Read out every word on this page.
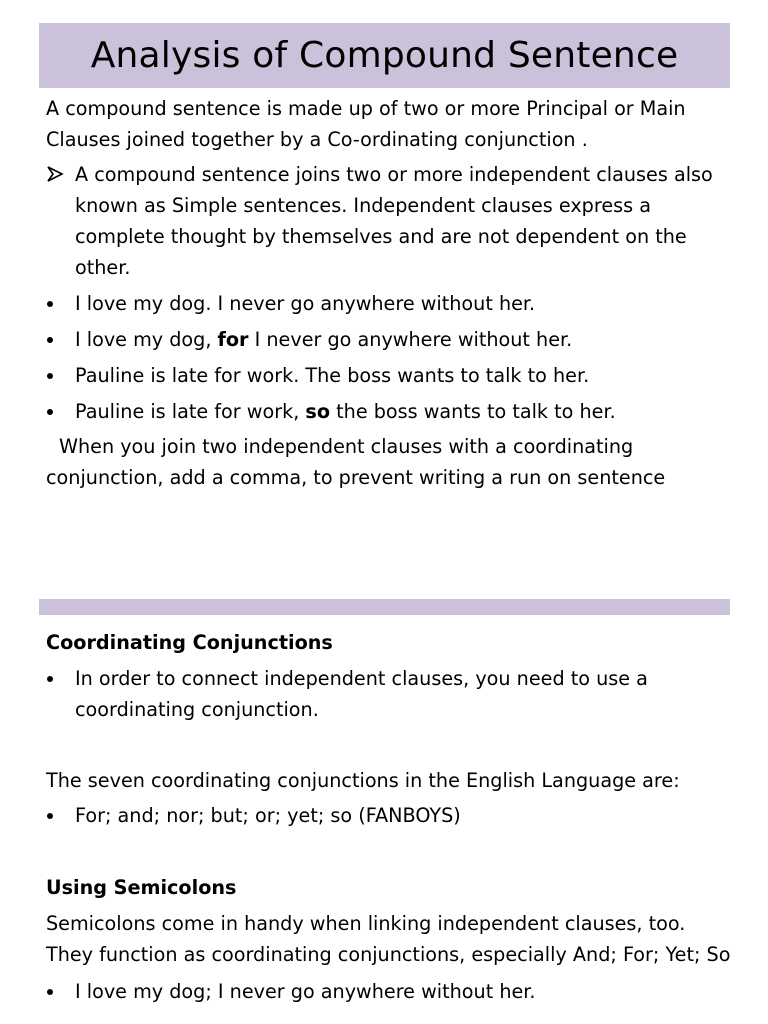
Analysis of Compound Sentence

A compound sentence is made up of two or more Principal or Main Clauses joined together by a Co-ordinating conjunction .

A compound sentence joins two or more independent clauses also known as Simple sentences. Independent clauses express a complete thought by themselves and are not dependent on the other.
I love my dog. I never go anywhere without her.
I love my dog, for I never go anywhere without her.
Pauline is late for work. The boss wants to talk to her.
Pauline is late for work, so the boss wants to talk to her.

When you join two independent clauses with a coordinating conjunction, add a comma, to prevent writing a run on sentence

Coordinating Conjunctions

In order to connect independent clauses, you need to use a coordinating conjunction.

The seven coordinating conjunctions in the English Language are:

For; and; nor; but; or; yet; so (FANBOYS)

Using Semicolons

Semicolons come in handy when linking independent clauses, too. They function as coordinating conjunctions, especially And; For; Yet; So

I love my dog; I never go anywhere without her.
